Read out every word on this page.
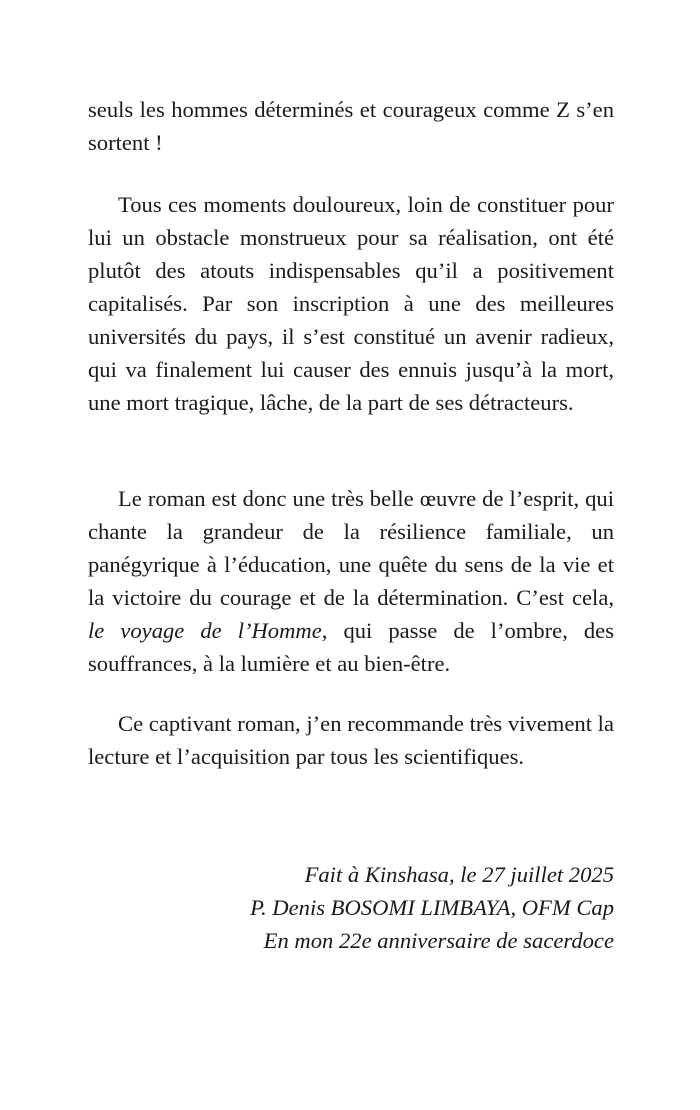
seuls les hommes déterminés et courageux comme Z s’en sortent !

Tous ces moments douloureux, loin de constituer pour lui un obstacle monstrueux pour sa réalisation, ont été plutôt des atouts indispensables qu’il a positivement capitalisés. Par son inscription à une des meilleures universités du pays, il s’est constitué un avenir radieux, qui va finalement lui causer des ennuis jusqu’à la mort, une mort tragique, lâche, de la part de ses détracteurs.

Le roman est donc une très belle œuvre de l’esprit, qui chante la grandeur de la résilience familiale, un panégyrique à l’éducation, une quête du sens de la vie et la victoire du courage et de la détermination. C’est cela, le voyage de l’Homme, qui passe de l’ombre, des souffrances, à la lumière et au bien-être.

Ce captivant roman, j’en recommande très vivement la lecture et l’acquisition par tous les scientifiques.

Fait à Kinshasa, le 27 juillet 2025
P. Denis BOSOMI LIMBAYA, OFM Cap
En mon 22e anniversaire de sacerdoce
